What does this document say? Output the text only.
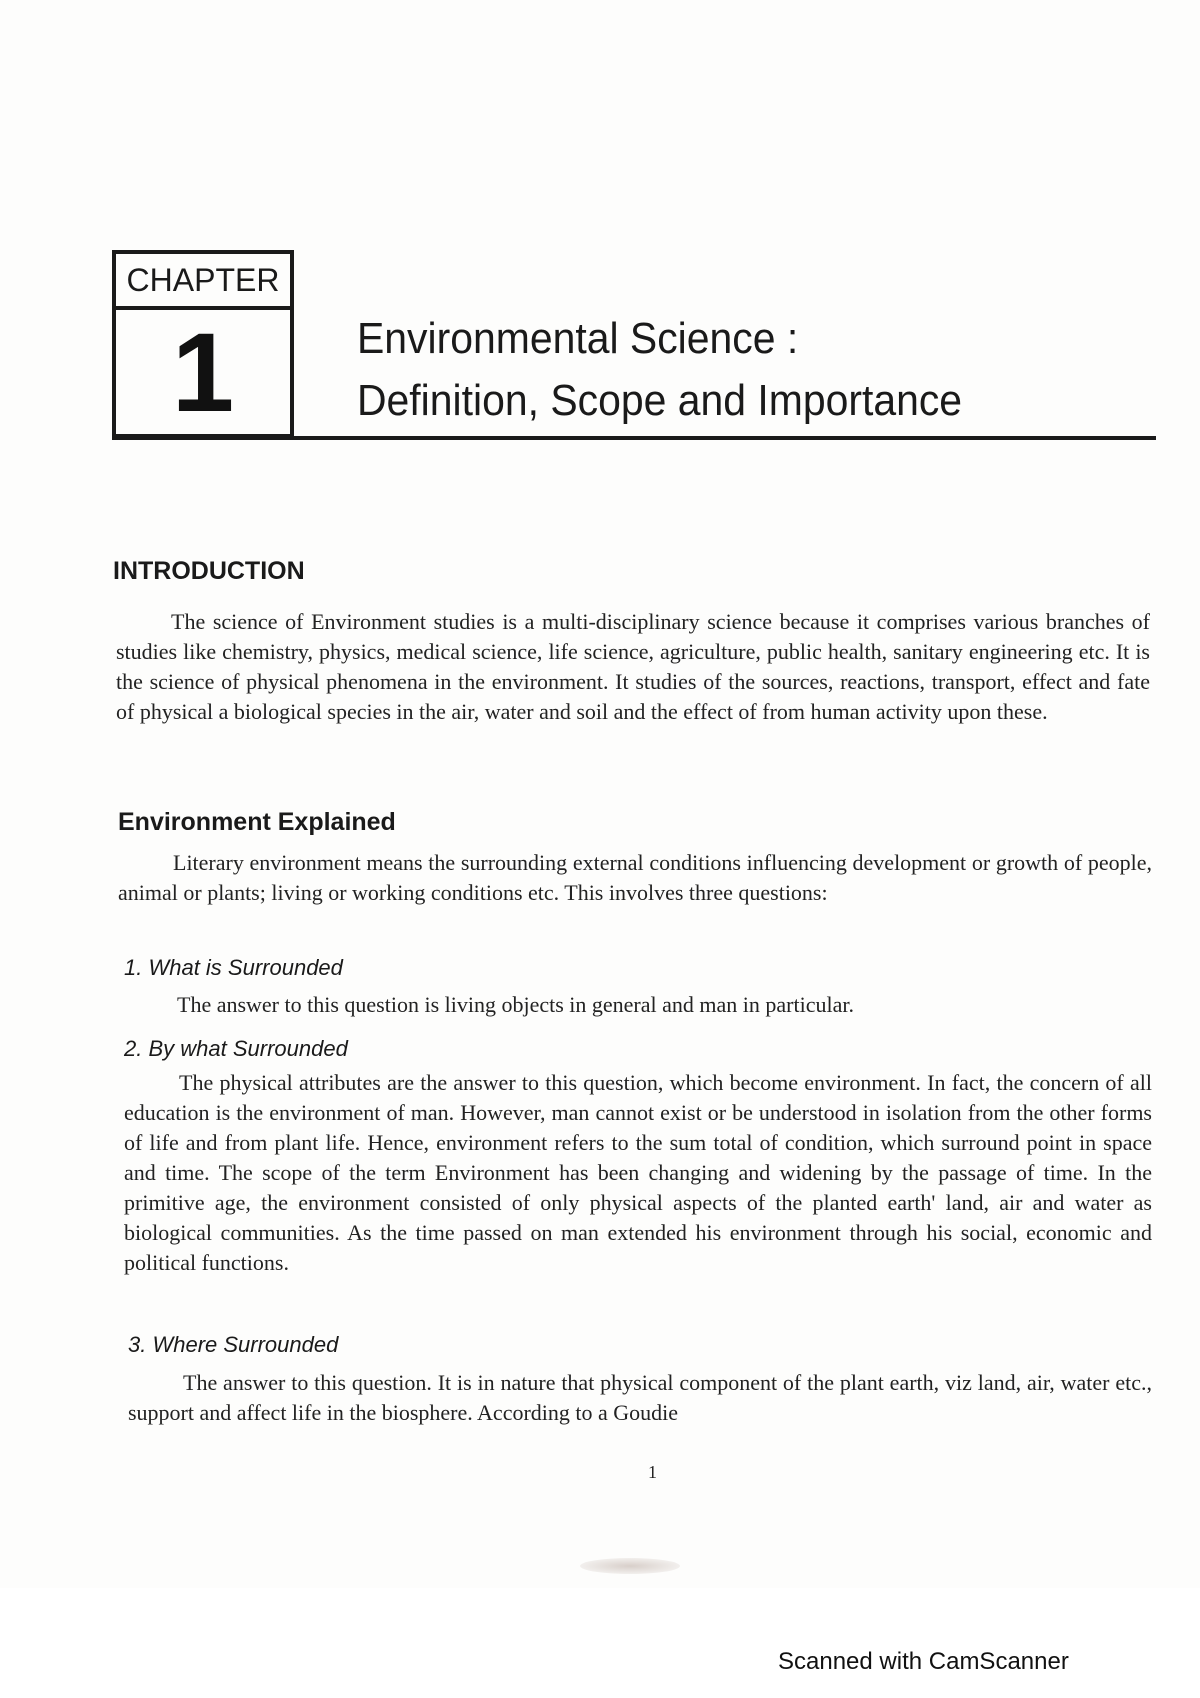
CHAPTER
1	Environmental Science :
Definition, Scope and Importance
INTRODUCTION
The science of Environment studies is a multi-disciplinary science because it comprises various branches of studies like chemistry, physics, medical science, life science, agriculture, public health, sanitary engineering etc. It is the science of physical phenomena in the environment. It studies of the sources, reactions, transport, effect and fate of physical a biological species in the air, water and soil and the effect of from human activity upon these.
Environment Explained
Literary environment means the surrounding external conditions influencing development or growth of people, animal or plants; living or working conditions etc. This involves three questions:
1. What is Surrounded
The answer to this question is living objects in general and man in particular.
2. By what Surrounded
The physical attributes are the answer to this question, which become environment. In fact, the concern of all education is the environment of man. However, man cannot exist or be understood in isolation from the other forms of life and from plant life. Hence, environment refers to the sum total of condition, which surround point in space and time. The scope of the term Environment has been changing and widening by the passage of time. In the primitive age, the environment consisted of only physical aspects of the planted earth' land, air and water as biological communities. As the time passed on man extended his environment through his social, economic and political functions.
3. Where Surrounded
The answer to this question. It is in nature that physical component of the plant earth, viz land, air, water etc., support and affect life in the biosphere. According to a Goudie
1
Scanned with CamScanner
